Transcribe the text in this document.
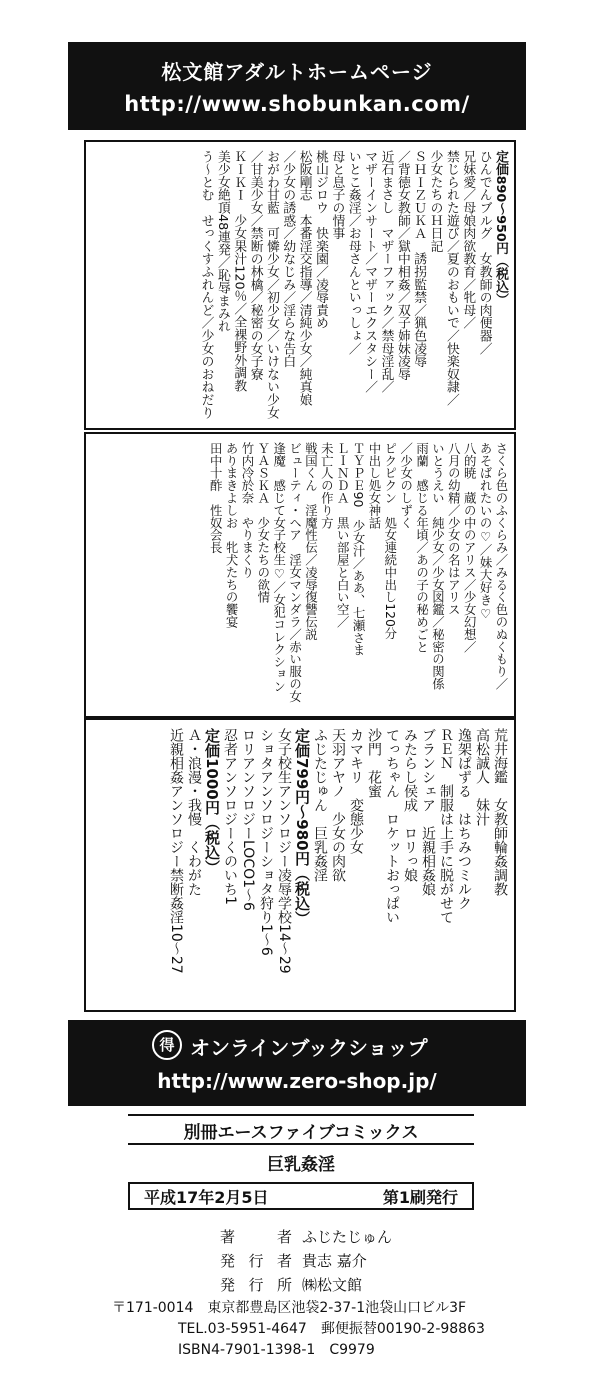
松文館アダルトホームページ
http://www.shobunkan.com/
定価890〜950円（税込）
ひんでんブルグ　女教師の肉便器／
兄妹愛／母娘肉欲教育／牝母／
禁じられた遊び／夏のおもいで／快楽奴隷／
少女たちのＨ日記
ＳＨＩＺＵＫＡ　誘拐監禁／猟色凌辱
／背徳女教師／獄中相姦／双子姉妹凌辱
近石まさし　マザーファック／禁母淫乱／
マザーインサート／マザーエクスタシー／
いとこ姦淫／お母さんといっしょ／
母と息子の情事
桃山ジロウ　快楽園／凌辱責め
松阪剛志　本番淫交指導／清純少女／純真娘
／少女の誘惑／幼なじみ／淫らな告白
おがわ甘藍　可憐少女／初少女／いけない少女
／甘美少女／禁断の林檎／秘密の女子寮
ＫＩＫＩ　少女果汁120％／全裸野外調教
美少女絶頂48連発／恥辱まみれ
う〜とむ　せっくすふれんど／少女のおねだり
さくら色のふくらみ／みるく色のぬくもり／
あそばれたいの♡／妹大好き♡
八的暁　蔵の中のアリス／少女幻想／
八月の幼精／少女の名はアリス
いとうえい　純少女／少女図鑑／秘密の関係
雨蘭　感じる年頃／あの子の秘めごと
／少女のしずく
ピクピクン　処女連続中出し120分
中出し処女神話
ＴＹＰＥ90　少女汁／ああ、七瀬さま
ＬＩＮＤＡ　黒い部屋と白い空／
未亡人の作り方
戦国くん　淫魔性伝／凌辱復讐伝説
ビューティ・ヘア　淫女マンダラ／赤い服の女
逢魔　感じて女子校生♡／女犯コレクション
ＹＡＳＫＡ　少女たちの欲情
竹内冷於奈　やりまくり
ありまきよしお　牝犬たちの饗宴
田中十酢　性奴会長
荒井海鑑　女教師輪姦調教
高松誠人　妹汁
逸架ぱずる　はちみつミルク
ＲＥＮ　制服は上手に脱がせて
ブランシェア　近親相姦娘
みたらし侯成　ロリっ娘
てっちゃん　ロケットおっぱい
沙門　花蜜
カマキリ　変態少女
天羽アヤノ　少女の肉欲
ふじたじゅん　巨乳姦淫
定価799円〜980円（税込）
女子校生アンソロジー凌辱学校14〜29
ショタアンソロジーショタ狩り1〜6
ロリアンソロジーLOCO1〜6
忍者アンソロジーくのいち1
定価1000円（税込）
Ａ・浪漫・我慢　くわがた
近親相姦アンソロジー禁断姦淫10〜27
得 オンラインブックショップ
http://www.zero-shop.jp/
別冊エースファイブコミックス
巨乳姦淫
平成17年2月5日	第1刷発行
著者 ふじたじゅん
発行者 貴志 嘉介
発行所 ㈱松文館
〒171-0014　東京都豊島区池袋2-37-1池袋山口ビル3F
TEL.03-5951-4647　郵便振替00190-2-98863
ISBN4-7901-1398-1　C9979
